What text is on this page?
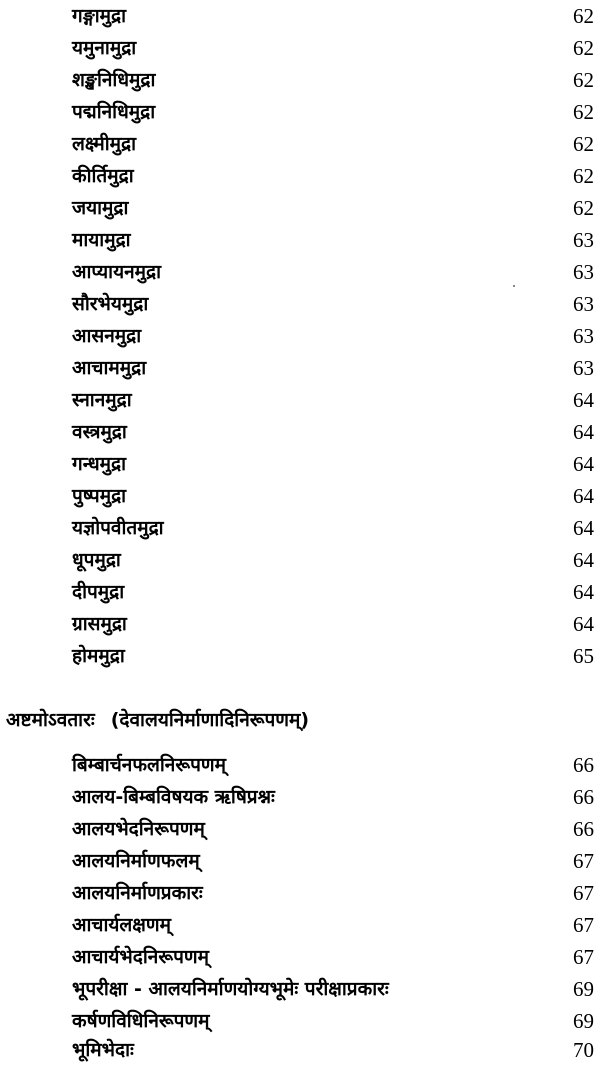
गङ्गामुद्रा	62
यमुनामुद्रा	62
शङ्खनिधिमुद्रा	62
पद्मनिधिमुद्रा	62
लक्ष्मीमुद्रा	62
कीर्तिमुद्रा	62
जयामुद्रा	62
मायामुद्रा	63
आप्यायनमुद्रा	63
सौरभेयमुद्रा	63
आसनमुद्रा	63
आचाममुद्रा	63
स्नानमुद्रा	64
वस्त्रमुद्रा	64
गन्धमुद्रा	64
पुष्पमुद्रा	64
यज्ञोपवीतमुद्रा	64
धूपमुद्रा	64
दीपमुद्रा	64
ग्रासमुद्रा	64
होममुद्रा	65
अष्टमोऽवतारः (देवालयनिर्माणादिनिरूपणम्)
बिम्बार्चनफलनिरूपणम्	66
आलय-बिम्बविषयक ऋषिप्रश्नः	66
आलयभेदनिरूपणम्	66
आलयनिर्माणफलम्	67
आलयनिर्माणप्रकारः	67
आचार्यलक्षणम्	67
आचार्यभेदनिरूपणम्	67
भूपरीक्षा - आलयनिर्माणयोग्यभूमेः परीक्षाप्रकारः	69
कर्षणविधिनिरूपणम्	69
भूमिभेदाः	70
